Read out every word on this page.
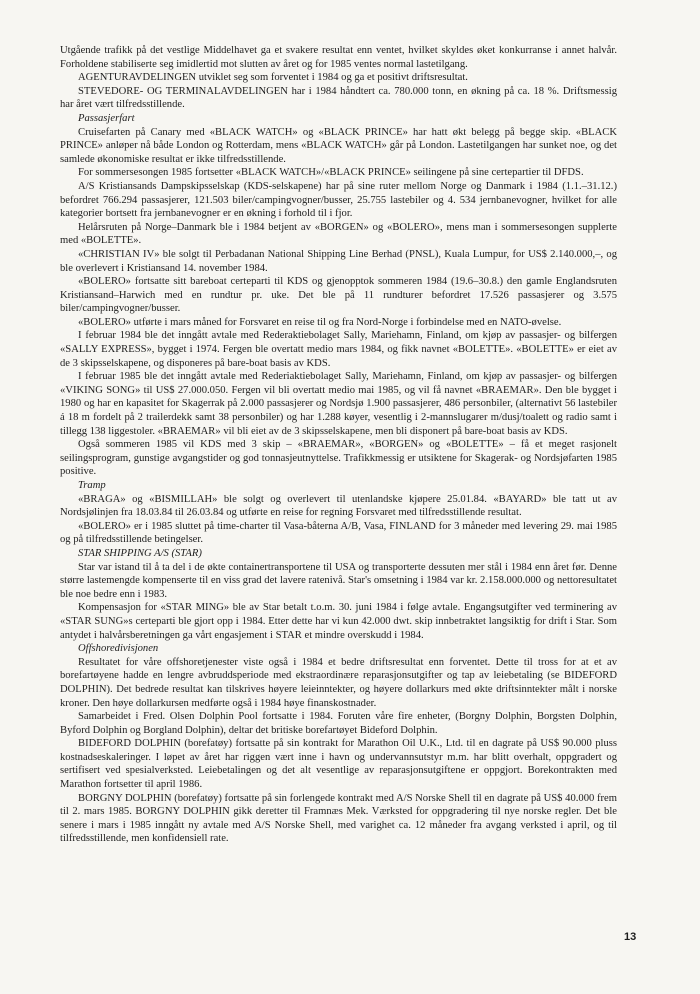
Utgående trafikk på det vestlige Middelhavet ga et svakere resultat enn ventet, hvilket skyldes øket konkurranse i annet halvår. Forholdene stabiliserte seg imidlertid mot slutten av året og for 1985 ventes normal lastetilgang.

AGENTURAVDELINGEN utviklet seg som forventet i 1984 og ga et positivt driftsresultat.

STEVEDORE- OG TERMINALAVDELINGEN har i 1984 håndtert ca. 780.000 tonn, en økning på ca. 18 %. Driftsmessig har året vært tilfredsstillende.

Passasjerfart

Cruisefarten på Canary med «BLACK WATCH» og «BLACK PRINCE» har hatt økt belegg på begge skip. «BLACK PRINCE» anløper nå både London og Rotterdam, mens «BLACK WATCH» går på London. Lastetilgangen har sunket noe, og det samlede økonomiske resultat er ikke tilfredsstillende.

For sommersesongen 1985 fortsetter «BLACK WATCH»/«BLACK PRINCE» seilingene på sine certepartier til DFDS.

A/S Kristiansands Dampskipsselskap (KDS-selskapene) har på sine ruter mellom Norge og Danmark i 1984 (1.1.–31.12.) befordret 766.294 passasjerer, 121.503 biler/campingvogner/busser, 25.755 lastebiler og 4. 534 jernbanevogner, hvilket for alle kategorier bortsett fra jernbanevogner er en økning i forhold til i fjor.

Helårsruten på Norge–Danmark ble i 1984 betjent av «BORGEN» og «BOLERO», mens man i sommersesongen supplerte med «BOLETTE».

«CHRISTIAN IV» ble solgt til Perbadanan National Shipping Line Berhad (PNSL), Kuala Lumpur, for US$ 2.140.000,–, og ble overlevert i Kristiansand 14. november 1984.

«BOLERO» fortsatte sitt bareboat certeparti til KDS og gjenopptok sommeren 1984 (19.6–30.8.) den gamle Englandsruten Kristiansand–Harwich med en rundtur pr. uke. Det ble på 11 rundturer befordret 17.526 passasjerer og 3.575 biler/campingvogner/busser.

«BOLERO» utførte i mars måned for Forsvaret en reise til og fra Nord-Norge i forbindelse med en NATO-øvelse.

I februar 1984 ble det inngått avtale med Rederaktiebolaget Sally, Mariehamn, Finland, om kjøp av passasjer- og bilfergen «SALLY EXPRESS», bygget i 1974. Fergen ble overtatt medio mars 1984, og fikk navnet «BOLETTE». «BOLETTE» er eiet av de 3 skipsselskapene, og disponeres på bare-boat basis av KDS.

I februar 1985 ble det inngått avtale med Rederiaktiebolaget Sally, Mariehamn, Finland, om kjøp av passasjer- og bilfergen «VIKING SONG» til US$ 27.000.050. Fergen vil bli overtatt medio mai 1985, og vil få navnet «BRAEMAR». Den ble bygget i 1980 og har en kapasitet for Skagerrak på 2.000 passasjerer og Nordsjø 1.900 passasjerer, 486 personbiler, (alternativt 56 lastebiler á 18 m fordelt på 2 trailerdekk samt 38 personbiler) og har 1.288 køyer, vesentlig i 2-mannslugarer m/dusj/toalett og radio samt i tillegg 138 liggestoler. «BRAEMAR» vil bli eiet av de 3 skipsselskapene, men bli disponert på bare-boat basis av KDS.

Også sommeren 1985 vil KDS med 3 skip – «BRAEMAR», «BORGEN» og «BOLETTE» – få et meget rasjonelt seilingsprogram, gunstige avgangstider og god tonnasjeutnyttelse. Trafikkmessig er utsiktene for Skagerak- og Nordsjøfarten 1985 positive.

Tramp

«BRAGA» og «BISMILLAH» ble solgt og overlevert til utenlandske kjøpere 25.01.84. «BAYARD» ble tatt ut av Nordsjølinjen fra 18.03.84 til 26.03.84 og utførte en reise for regning Forsvaret med tilfredsstillende resultat.

«BOLERO» er i 1985 sluttet på time-charter til Vasa-båterna A/B, Vasa, FINLAND for 3 måneder med levering 29. mai 1985 og på tilfredsstillende betingelser.

STAR SHIPPING A/S (STAR)

Star var istand til å ta del i de økte containertransportene til USA og transporterte dessuten mer stål i 1984 enn året før. Denne større lastemengde kompenserte til en viss grad det lavere ratenivå. Star's omsetning i 1984 var kr. 2.158.000.000 og nettoresultatet ble noe bedre enn i 1983.

Kompensasjon for «STAR MING» ble av Star betalt t.o.m. 30. juni 1984 i følge avtale. Engangsutgifter ved terminering av «STAR SUNG»s certeparti ble gjort opp i 1984. Etter dette har vi kun 42.000 dwt. skip innbetraktet langsiktig for drift i Star. Som antydet i halvårsberetningen ga vårt engasjement i STAR et mindre overskudd i 1984.

Offshoredivisjonen

Resultatet for våre offshoretjenester viste også i 1984 et bedre driftsresultat enn forventet. Dette til tross for at et av borefartøyene hadde en lengre avbruddsperiode med ekstraordinære reparasjonsutgifter og tap av leiebetaling (se BIDEFORD DOLPHIN). Det bedrede resultat kan tilskrives høyere leieinntekter, og høyere dollarkurs med økte driftsinntekter målt i norske kroner. Den høye dollarkursen medførte også i 1984 høye finanskostnader.

Samarbeidet i Fred. Olsen Dolphin Pool fortsatte i 1984. Foruten våre fire enheter, (Borgny Dolphin, Borgsten Dolphin, Byford Dolphin og Borgland Dolphin), deltar det britiske borefartøyet Bideford Dolphin.

BIDEFORD DOLPHIN (borefatøy) fortsatte på sin kontrakt for Marathon Oil U.K., Ltd. til en dagrate på US$ 90.000 pluss kostnadseskaleringer. I løpet av året har riggen vært inne i havn og undervannsutstyr m.m. har blitt overhalt, oppgradert og sertifisert ved spesialverksted. Leiebetalingen og det alt vesentlige av reparasjonsutgiftene er oppgjort. Borekontrakten med Marathon fortsetter til april 1986.

BORGNY DOLPHIN (borefatøy) fortsatte på sin forlengede kontrakt med A/S Norske Shell til en dagrate på US$ 40.000 frem til 2. mars 1985. BORGNY DOLPHIN gikk deretter til Framnæs Mek. Værksted for oppgradering til nye norske regler. Det ble senere i mars i 1985 inngått ny avtale med A/S Norske Shell, med varighet ca. 12 måneder fra avgang verksted i april, og til tilfredsstillende, men konfidensiell rate.

13
